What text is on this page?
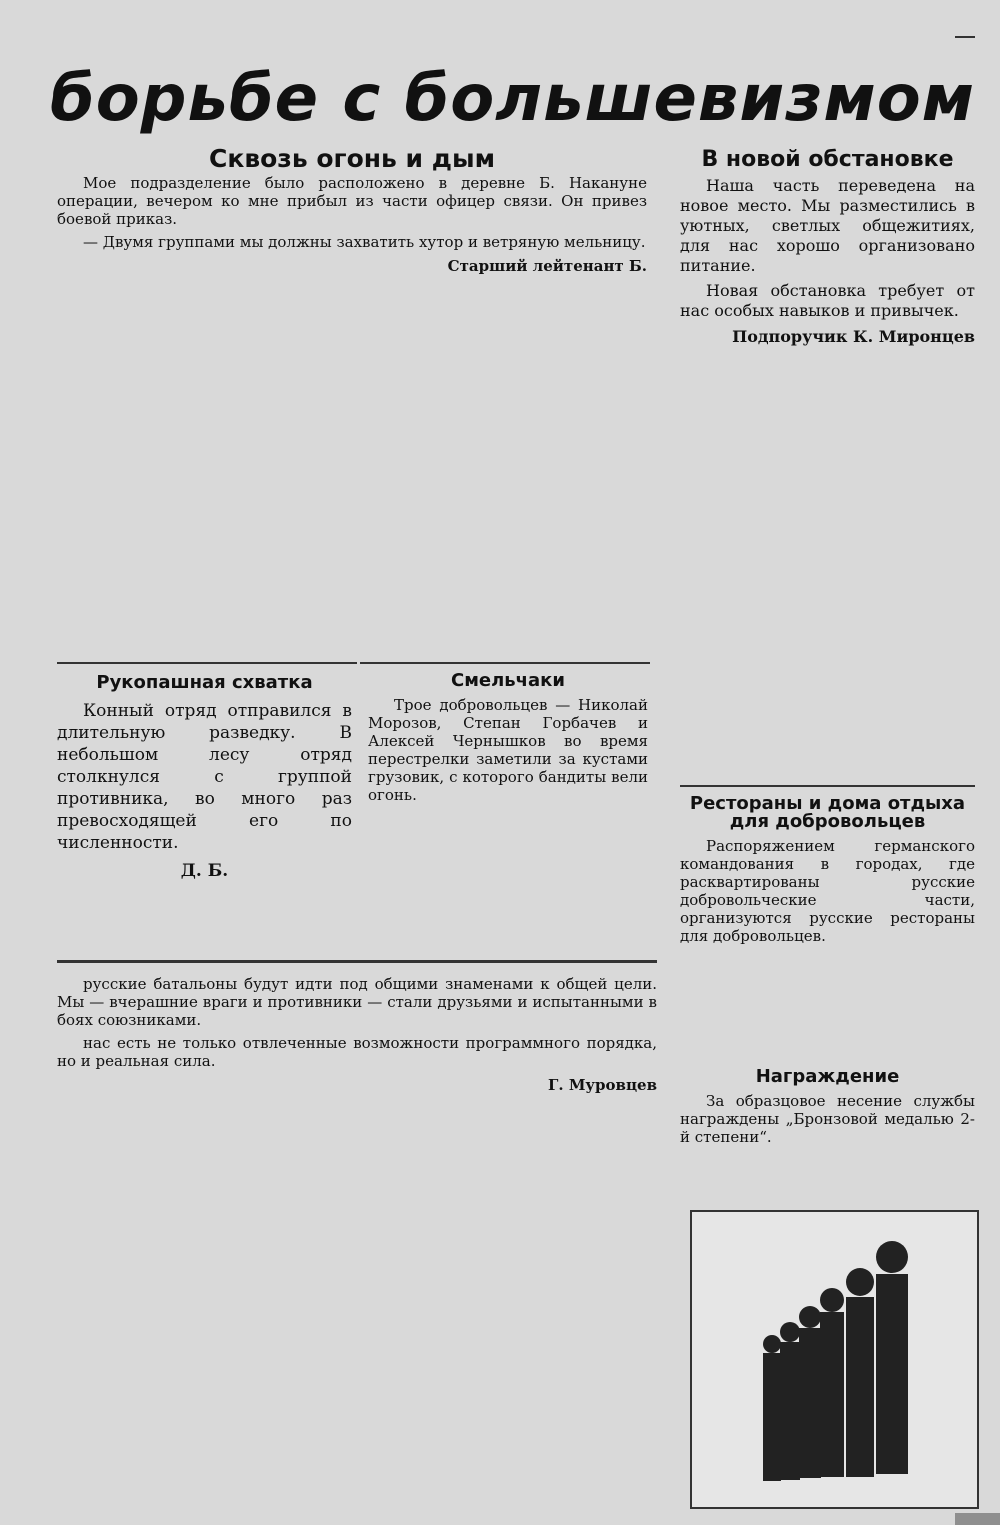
борьбе с большевизмом
Сквозь огонь и дым

Мое подразделение было расположено в деревне Б. Накануне операции, вечером ко мне прибыл из части офицер связи. Он привез боевой приказ.

— Двумя группами мы должны захватить хутор и ветряную мельницу.

Старший лейтенант Б.
В новой обстановке

Наша часть переведена на новое место. Мы разместились в уютных, светлых общежитиях, для нас хорошо организовано питание.

Новая обстановка требует от нас особых навыков и привычек.

Подпоручик К. Миронцев
Рукопашная схватка

Конный отряд отправился в длительную разведку. В небольшом лесу отряд столкнулся с группой противника, во много раз превосходящей его по численности.

Д. Б.
Смельчаки

Трое добровольцев — Николай Морозов, Степан Горбачев и Алексей Чернышков во время перестрелки заметили за кустами грузовик, с которого бандиты вели огонь.	Рестораны и дома отдыха для добровольцев

Распоряжением германского командования в городах, где расквартированы русские добровольческие части, организуются русские рестораны для добровольцев.

Награждение

За образцовое несение службы награждены „Бронзовой медалью 2-й степени“.

русские батальоны будут идти под общими знаменами к общей цели. Мы — вчерашние враги и противники — стали друзьями и испытанными в боях союзниками.

нас есть не только отвлеченные возможности программного порядка, но и реальная сила.

Г. Муровцев
